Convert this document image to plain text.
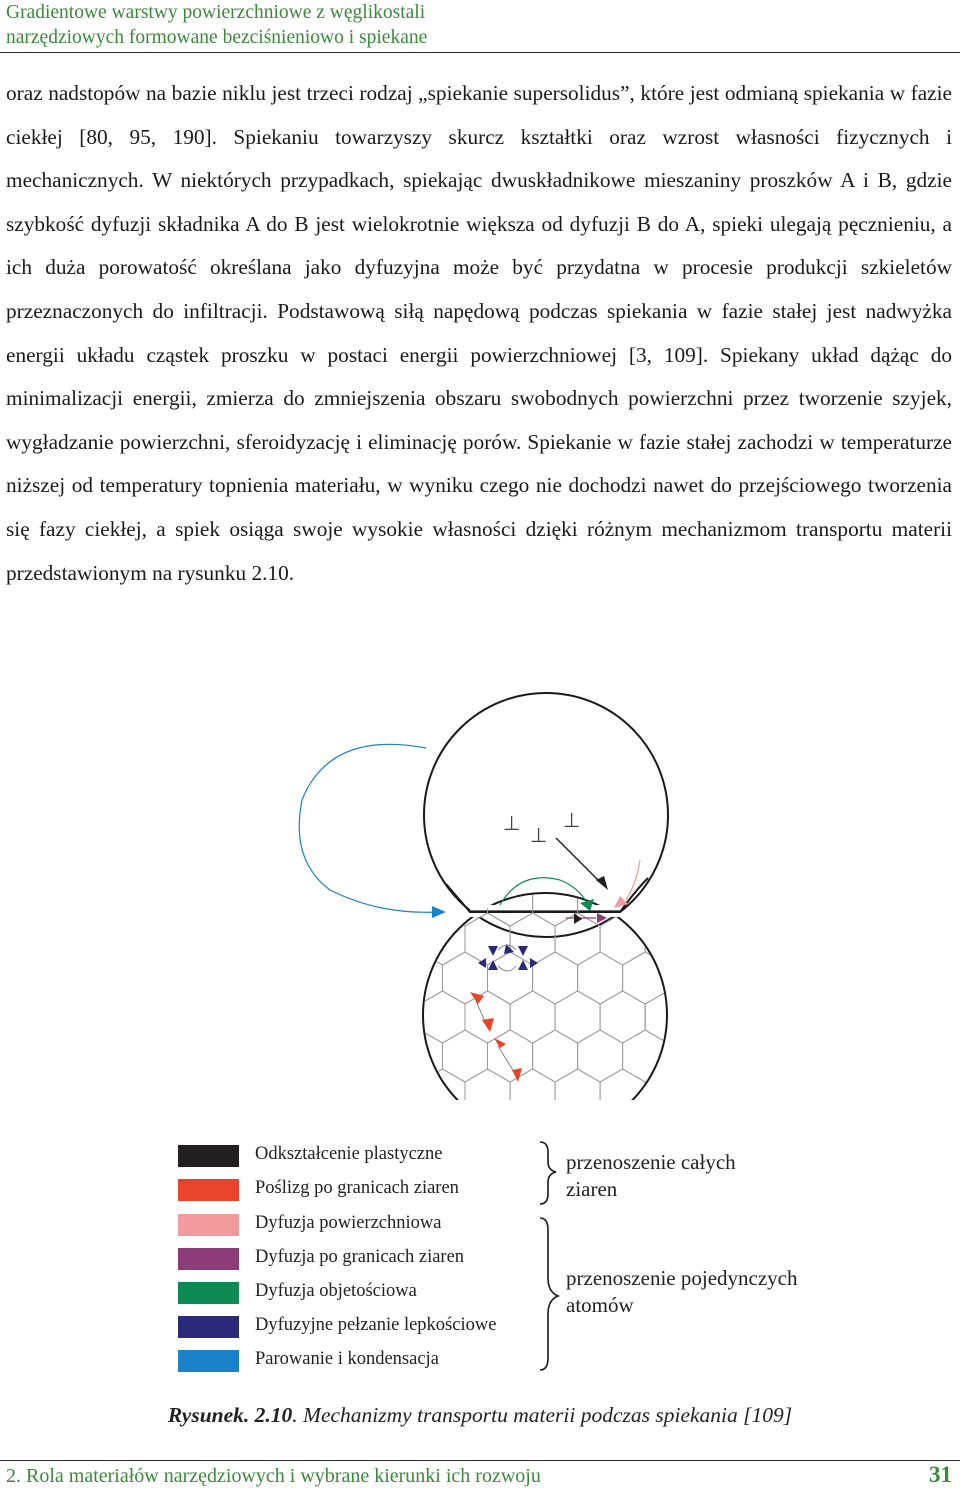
Gradientowe warstwy powierzchniowe z węglikostali
narzędziowych formowane bezciśnieniowo i spiekane

oraz nadstopów na bazie niklu jest trzeci rodzaj „spiekanie supersolidus”, które jest odmianą spiekania w fazie ciekłej [80, 95, 190]. Spiekaniu towarzyszy skurcz kształtki oraz wzrost własności fizycznych i mechanicznych. W niektórych przypadkach, spiekając dwuskładnikowe mieszaniny proszków A i B, gdzie szybkość dyfuzji składnika A do B jest wielokrotnie większa od dyfuzji B do A, spieki ulegają pęcznieniu, a ich duża porowatość określana jako dyfuzyjna może być przydatna w procesie produkcji szkieletów przeznaczonych do infiltracji. Podstawową siłą napędową podczas spiekania w fazie stałej jest nadwyżka energii układu cząstek proszku w postaci energii powierzchniowej [3, 109]. Spiekany układ dążąc do minimalizacji energii, zmierza do zmniejszenia obszaru swobodnych powierzchni przez tworzenie szyjek, wygładzanie powierzchni, sferoidyzację i eliminację porów. Spiekanie w fazie stałej zachodzi w temperaturze niższej od temperatury topnienia materiału, w wyniku czego nie dochodzi nawet do przejściowego tworzenia się fazy ciekłej, a spiek osiąga swoje wysokie własności dzięki różnym mechanizmom transportu materii przedstawionym na rysunku 2.10.

⊥ ⊥
⊥
Odkształcenie plastyczne
Poślizg po granicach ziaren
Dyfuzja powierzchniowa
Dyfuzja po granicach ziaren
Dyfuzja objetościowa
Dyfuzyjne pełzanie lepkościowe
Parowanie i kondensacja
przenoszenie całych ziaren
przenoszenie pojedynczych atomów
Rysunek. 2.10. Mechanizmy transportu materii podczas spiekania [109]
2. Rola materiałów narzędziowych i wybrane kierunki ich rozwoju	31
